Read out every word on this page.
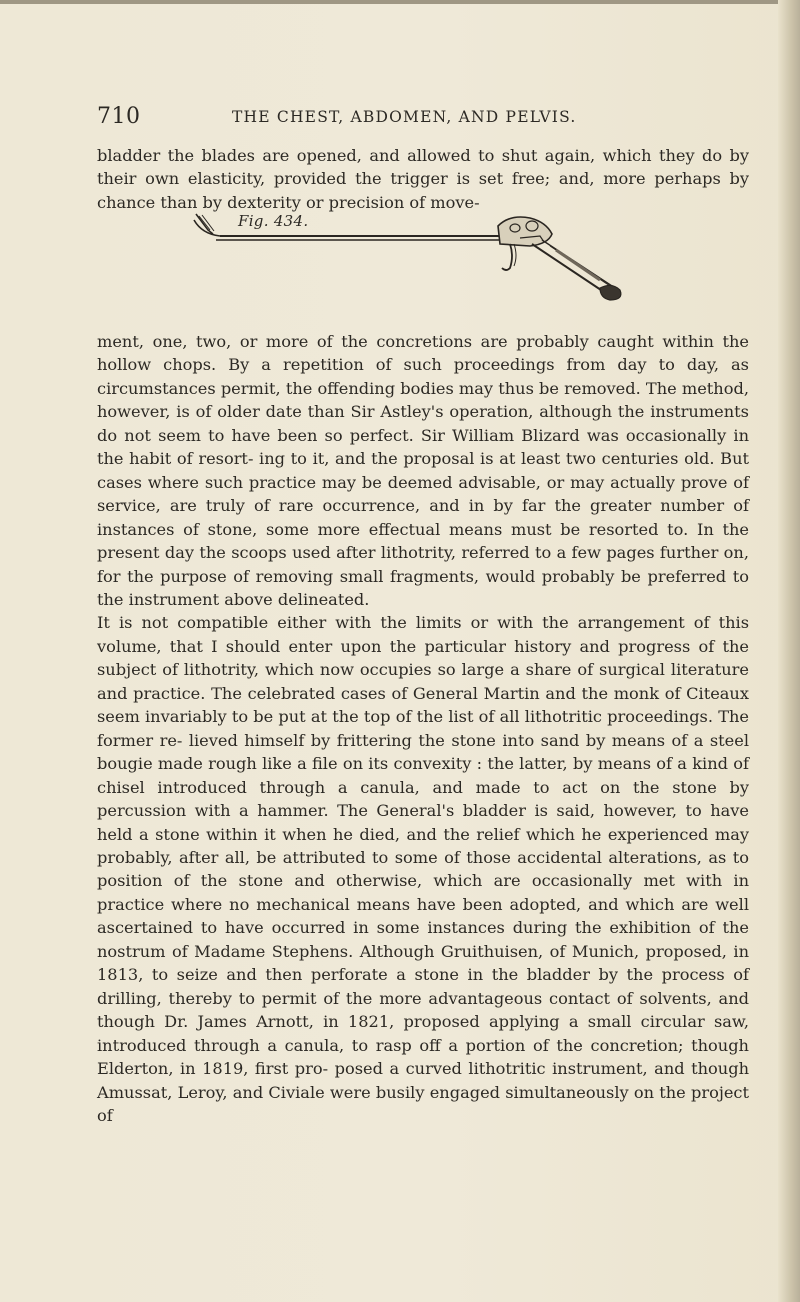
710	THE CHEST, ABDOMEN, AND PELVIS.

bladder the blades are opened, and allowed to shut again, which they do by their own elasticity, provided the trigger is set free; and, more perhaps by chance than by dexterity or precision of move-

Fig. 434.

ment, one, two, or more of the concretions are probably caught within the hollow chops. By a repetition of such proceedings from day to day, as circumstances permit, the offending bodies may thus be removed. The method, however, is of older date than Sir Astley's operation, although the instruments do not seem to have been so perfect. Sir William Blizard was occasionally in the habit of resort- ing to it, and the proposal is at least two centuries old. But cases where such practice may be deemed advisable, or may actually prove of service, are truly of rare occurrence, and in by far the greater number of instances of stone, some more effectual means must be resorted to. In the present day the scoops used after lithotrity, referred to a few pages further on, for the purpose of removing small fragments, would probably be preferred to the instrument above delineated.

It is not compatible either with the limits or with the arrangement of this volume, that I should enter upon the particular history and progress of the subject of lithotrity, which now occupies so large a share of surgical literature and practice. The celebrated cases of General Martin and the monk of Citeaux seem invariably to be put at the top of the list of all lithotritic proceedings. The former re- lieved himself by frittering the stone into sand by means of a steel bougie made rough like a file on its convexity : the latter, by means of a kind of chisel introduced through a canula, and made to act on the stone by percussion with a hammer. The General's bladder is said, however, to have held a stone within it when he died, and the relief which he experienced may probably, after all, be attributed to some of those accidental alterations, as to position of the stone and otherwise, which are occasionally met with in practice where no mechanical means have been adopted, and which are well ascertained to have occurred in some instances during the exhibition of the nostrum of Madame Stephens. Although Gruithuisen, of Munich, proposed, in 1813, to seize and then perforate a stone in the bladder by the process of drilling, thereby to permit of the more advantageous contact of solvents, and though Dr. James Arnott, in 1821, proposed applying a small circular saw, introduced through a canula, to rasp off a portion of the concretion; though Elderton, in 1819, first pro- posed a curved lithotritic instrument, and though Amussat, Leroy, and Civiale were busily engaged simultaneously on the project of
